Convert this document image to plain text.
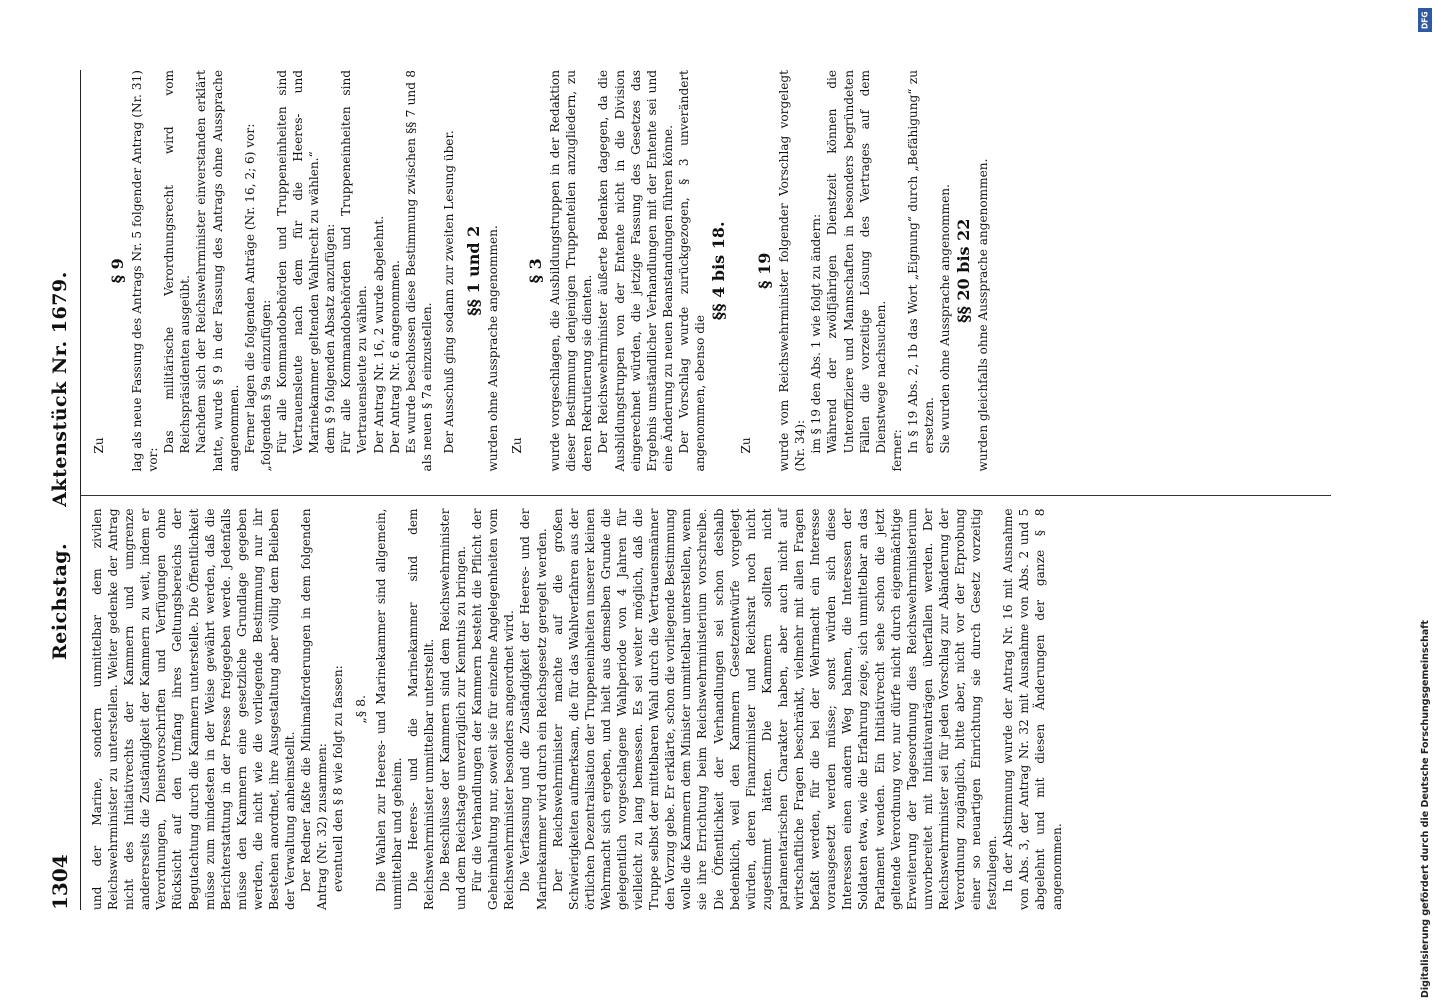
1304
Reichstag.Aktenstück Nr. 1679.

und der Marine, sondern unmittelbar dem zivilen Reichswehrminister zu unterstellen. Weiter gedenke der Antrag nicht des Initiativrechts der Kammern und umgrenze andererseits die Zuständigkeit der Kammern zu weit, indem er Verordnungen, Dienstvorschriften und Verfügungen ohne Rücksicht auf den Umfang ihres Geltungsbereichs der Begutachtung durch die Kammern unterstelle. Die Öffentlichkeit müsse zum mindesten in der Weise gewährt werden, daß die Berichterstattung in der Presse freigegeben werde. Jedenfalls müsse den Kammern eine gesetzliche Grundlage gegeben werden, die nicht wie die vorliegende Bestimmung nur ihr Bestehen anordnet, ihre Ausgestaltung aber völlig dem Belieben der Verwaltung anheimstellt. Der Redner faßte die Minimalforderungen in dem folgenden Antrag (Nr. 32) zusammen: eventuell den § 8 wie folgt zu fassen: „§ 8. Die Wahlen zur Heeres- und Marinekammer sind allgemein, unmittelbar und geheim. Die Heeres- und die Marinekammer sind dem Reichswehrminister unmittelbar unterstellt. Die Beschlüsse der Kammern sind dem Reichswehrminister und dem Reichstage unverzüglich zur Kenntnis zu bringen. Für die Verhandlungen der Kammern besteht die Pflicht der Geheimhaltung nur, soweit sie für einzelne Angelegenheiten vom Reichswehrminister besonders angeordnet wird. Die Verfassung und die Zuständigkeit der Heeres- und der Marinekammer wird durch ein Reichsgesetz geregelt werden. Der Reichswehrminister machte auf die großen Schwierigkeiten aufmerksam, die für das Wahlverfahren aus der örtlichen Dezentralisation der Truppeneinheiten unserer kleinen Wehrmacht sich ergeben, und hielt aus demselben Grunde die gelegentlich vorgeschlagene Wahlperiode von 4 Jahren für vielleicht zu lang bemessen. Es sei weiter möglich, daß die Truppe selbst der mittelbaren Wahl durch die Vertrauensmänner den Vorzug gebe. Er erklärte, schon die vorliegende Bestimmung wolle die Kammern dem Minister unmittelbar unterstellen, wenn sie ihre Errichtung beim Reichswehrministerium vorschreibe. Die Öffentlichkeit der Verhandlungen sei schon deshalb bedenklich, weil den Kammern Gesetzentwürfe vorgelegt würden, deren Finanzminister und Reichsrat noch nicht zugestimmt hätten. Die Kammern sollten nicht parlamentarischen Charakter haben, aber auch nicht auf wirtschaftliche Fragen beschränkt, vielmehr mit allen Fragen befaßt werden, für die bei der Wehrmacht ein Interesse vorausgesetzt werden müsse; sonst würden sich diese Interessen einen andern Weg bahnen, die Interessen der Soldaten etwa, wie die Erfahrung zeige, sich unmittelbar an das Parlament wenden. Ein Initiativrecht sehe schon die jetzt geltende Verordnung vor, nur dürfe nicht durch eigenmächtige Erweiterung der Tagesordnung dies Reichswehrministerium unvorbereitet mit Initiativanträgen überfallen werden. Der Reichswehrminister sei für jeden Vorschlag zur Abänderung der Verordnung zugänglich, bitte aber, nicht vor der Erprobung einer so neuartigen Einrichtung sie durch Gesetz vorzeitig festzulegen. In der Abstimmung wurde der Antrag Nr. 16 mit Ausnahme von Abs. 3, der Antrag Nr. 32 mit Ausnahme von Abs. 2 und 5 abgelehnt und mit diesen Änderungen der ganze § 8 angenommen.

Zu

§ 9 lag als neue Fassung des Antrags Nr. 5 folgender Antrag (Nr. 31) vor:

Das militärische Verordnungsrecht wird vom Reichspräsidenten ausgeübt. Nachdem sich der Reichswehrminister einverstanden erklärt hatte, wurde § 9 in der Fassung des Antrags ohne Aussprache angenommen. Ferner lagen die folgenden Anträge (Nr. 16, 2; 6) vor: „folgenden § 9a einzufügen: Für alle Kommandobehörden und Truppeneinheiten sind Vertrauensleute nach dem für die Heeres- und Marinekammer geltenden Wahlrecht zu wählen.“ dem § 9 folgenden Absatz anzufügen: Für alle Kommandobehörden und Truppeneinheiten sind Vertrauensleute zu wählen. Der Antrag Nr. 16, 2 wurde abgelehnt. Der Antrag Nr. 6 angenommen. Es wurde beschlossen diese Bestimmung zwischen §§ 7 und 8 als neuen § 7a einzustellen. Der Ausschuß ging sodann zur zweiten Lesung über. §§ 1 und 2 wurden ohne Aussprache angenommen. Zu

§ 3 wurde vorgeschlagen, die Ausbildungstruppen in der Redaktion dieser Bestimmung denjenigen Truppenteilen anzugliedern, zu deren Rekrutierung sie dienten. Der Reichswehrminister äußerte Bedenken dagegen, da die Ausbildungstruppen von der Entente nicht in die Division eingerechnet würden, die jetzige Fassung des Gesetzes das Ergebnis umständlicher Verhandlungen mit der Entente sei und eine Änderung zu neuen Beanstandungen führen könne. Der Vorschlag wurde zurückgezogen, § 3 unverändert angenommen, ebenso die

§§ 4 bis 18.

Zu

§ 19 wurde vom Reichswehrminister folgender Vorschlag vorgelegt (Nr. 34): im § 19 den Abs. 1 wie folgt zu ändern: Während der zwölfjährigen Dienstzeit können die Unteroffiziere und Mannschaften in besonders begründeten Fällen die vorzeitige Lösung des Vertrages auf dem Dienstwege nachsuchen. ferner: In § 19 Abs. 2, 1b das Wort „Eignung“ durch „Befähigung“ zu ersetzen. Sie wurden ohne Aussprache angenommen. §§ 20 bis 22 wurden gleichfalls ohne Aussprache angenommen.

DFG
Digitalisierung gefördert durch die Deutsche Forschungsgemeinschaft
